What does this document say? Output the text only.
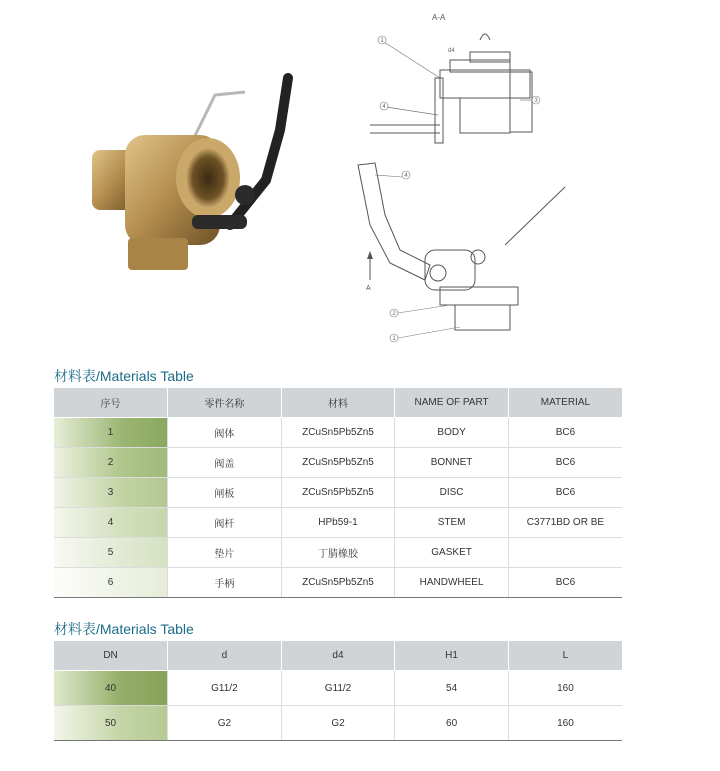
A-A
1
4
3
d4
A
4
2
1
材料表/Materials Table
序号	零件名称	材料	NAME OF PART	MATERIAL
1	阀体	ZCuSn5Pb5Zn5	BODY	BC6
2	阀盖	ZCuSn5Pb5Zn5	BONNET	BC6
3	闸板	ZCuSn5Pb5Zn5	DISC	BC6
4	阀杆	HPb59-1	STEM	C3771BD OR BE
5	垫片	丁腈橡胶	GASKET	
6	手柄	ZCuSn5Pb5Zn5	HANDWHEEL	BC6
材料表/Materials Table
DN	d	d4	H1	L
40	G11/2	G11/2	54	160
50	G2	G2	60	160
